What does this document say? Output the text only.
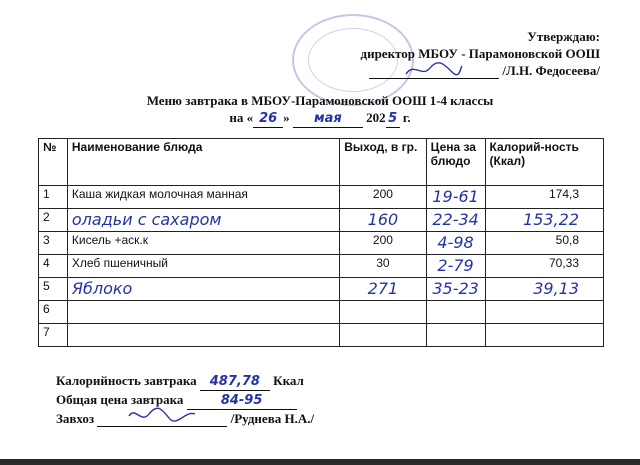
Утверждаю:
директор МБОУ - Парамоновской ООШ
/Л.Н. Федосеева/
Меню завтрака в МБОУ-Парамоновской ООШ 1-4 классы
на « 26 » мая 202 5 г.
№	Наименование блюда	Выход, в гр.	Цена за блюдо	Калорий-ность (Ккал)
1	Каша жидкая молочная манная	200	19-61	174,3
2	оладьи с сахаром	160	22-34	153,22
3	Кисель +аск.к	200	4-98	50,8
4	Хлеб пшеничный	30	2-79	70,33
5	Яблоко	271	35-23	39,13
6				
7				
Калорийность завтрака 487,78 Ккал
Общая цена завтрака	84-95
Завхоз	/Руднева Н.А./
